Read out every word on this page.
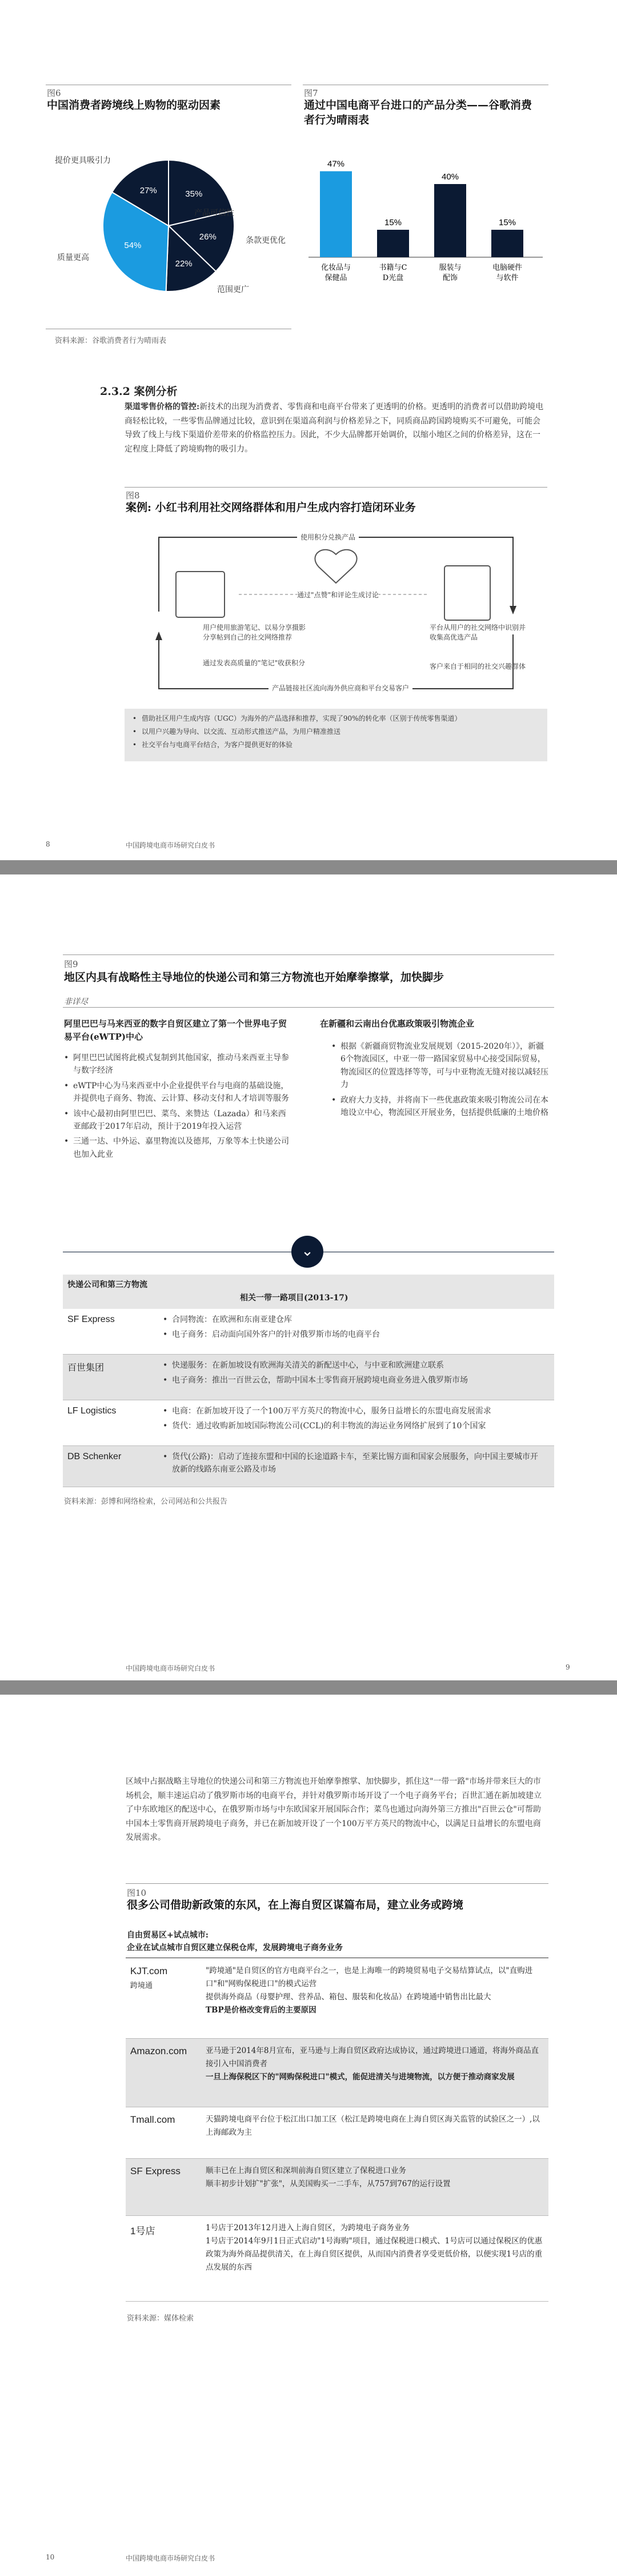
图6
中国消费者跨境线上购物的驱动因素
35%
26%
22%
54%
27%
提价更具吸引力
产品可信性
条款更优化
质量更高
范围更广
资料来源：谷歌消费者行为晴雨表
图7
通过中国电商平台进口的产品分类——谷歌消费者行为晴雨表
47%
化妆品与
保健品
15%
书籍与C
D光盘
40%
服装与
配饰
15%
电脑硬件
与软件
2.3.2 案例分析
渠道零售价格的管控:新技术的出现为消费者、零售商和电商平台带来了更透明的价格。更透明的消费者可以借助跨境电商轻松比较，一些零售品牌通过比较，意识到在渠道高利润与价格差异之下，同质商品跨国跨境购买不可避免，可能会导致了线上与线下渠道价差带来的价格监控压力。因此，不少大品牌都开始调价，以缩小地区之间的价格差异，这在一定程度上降低了跨境购物的吸引力。
图8
案例: 小红书利用社交网络群体和用户生成内容打造闭环业务
使用积分兑换产品
通过"点赞"和评论生成讨论
用户使用旅游笔记、以易分享摄影分享帖到自己的社交网络推荐
通过发表高质量的"笔记"收获积分
平台从用户的社交网络中识别并收集高优选产品
客户来自于相同的社交兴趣群体
产品链接社区流向海外供应商和平台交易客户
• 借助社区用户生成内容（UGC）为海外的产品选择和推荐，实现了90%的转化率（区别于传统零售渠道）
• 以用户兴趣为导向、以交流、互动形式推送产品，为用户精准推送
• 社交平台与电商平台结合，为客户提供更好的体验
8	中国跨境电商市场研究白皮书
图9
地区内具有战略性主导地位的快递公司和第三方物流也开始摩拳擦掌，加快脚步
非详尽
阿里巴巴与马来西亚的数字自贸区建立了第一个世界电子贸易平台(eWTP)中心
• 阿里巴巴试图将此模式复制到其他国家，推动马来西亚主导参与数字经济
• eWTP中心为马来西亚中小企业提供平台与电商的基础设施，并提供电子商务、物流、云计算、移动支付和人才培训等服务
• 该中心最初由阿里巴巴、菜鸟、来赞达（Lazada）和马来西亚邮政于2017年启动，预计于2019年投入运营
• 三通一达、中外运、嘉里物流以及德邦，万象等本土快递公司也加入此业
在新疆和云南出台优惠政策吸引物流企业
• 根据《新疆商贸物流业发展规划（2015-2020年）》，新疆6个物流园区，中亚一带一路国家贸易中心接受国际贸易，物流园区的位置选择等等，可与中亚物流无缝对接以减轻压力
• 政府大力支持，并将南下一些优惠政策来吸引物流公司在本地设立中心，物流园区开展业务，包括提供低廉的土地价格
⌄
快递公司和第三方物流
相关一带一路项目(2013-17)
SF Express	• 合同物流：在欧洲和东南亚建仓库
• 电子商务：启动面向国外客户的针对俄罗斯市场的电商平台
百世集团	• 快递服务：在新加坡设有欧洲海关清关的新配送中心，与中亚和欧洲建立联系
• 电子商务：推出一百世云仓，帮助中国本土零售商开展跨境电商业务进入俄罗斯市场
LF Logistics	• 电商：在新加坡开设了一个100万平方英尺的物流中心，服务日益增长的东盟电商发展需求
• 货代：通过收购新加坡国际物流公司(CCL)的利丰物流的海运业务网络扩展到了10个国家
DB Schenker	• 货代(公路)：启动了连接东盟和中国的长途道路卡车，至莱比锡方面和国家会展服务，向中国主要城市开放新的线路东南亚公路及市场
资料来源：彭博和网络检索，公司网站和公共报告
中国跨境电商市场研究白皮书	9
区域中占据战略主导地位的快递公司和第三方物流也开始摩拳擦掌、加快脚步，抓住这"一带一路"市场并带来巨大的市场机会，顺丰速运启动了俄罗斯市场的电商平台，并针对俄罗斯市场开设了一个电子商务平台；百世汇通在新加坡建立了中东欧地区的配送中心，在俄罗斯市场与中东欧国家开展国际合作；菜鸟也通过向海外第三方推出"百世云仓"可帮助中国本土零售商开展跨境电子商务，并已在新加坡开设了一个100万平方英尺的物流中心，以满足日益增长的东盟电商发展需求。
图10
很多公司借助新政策的东风，在上海自贸区谋篇布局，建立业务或跨境
自由贸易区+试点城市:
企业在试点城市自贸区建立保税仓库，发展跨境电子商务业务
KJT.com
跨境通
"跨境通"是自贸区的官方电商平台之一，也是上海唯一的跨境贸易电子交易结算试点，以"直购进口"和"网购保税进口"的模式运营
提供海外商品（母婴护理、营养品、箱包、服装和化妆品）在跨境通中销售出比最大
TBP是价格改变背后的主要原因
Amazon.com 亚马逊于2014年8月宣布，亚马逊与上海自贸区政府达成协议，通过跨境进口通道，将海外商品直接引入中国消费者
一旦上海保税区下的"网购保税进口"模式，能促进清关与进境物流，以方便于推动商家发展
Tmall.com	天猫跨境电商平台位于松江出口加工区（松江是跨境电商在上海自贸区海关监管的试验区之一）,以上海邮政为主
SF Express	顺丰已在上海自贸区和深圳前海自贸区建立了保税进口业务
顺丰初步计划扩"扩张"，从美国购买一二手车，从757到767的运行设置
1号店	1号店于2013年12月进入上海自贸区，为跨境电子商务业务
1号店于2014年9月1日正式启动"1号海购"项目，通过保税进口模式、1号店可以通过保税区的优惠政策为海外商品提供清关，在上海自贸区提供，从而国内消费者享受更低价格，以便实现1号店的重点发展的东西
资料来源：媒体检索
10	中国跨境电商市场研究白皮书
